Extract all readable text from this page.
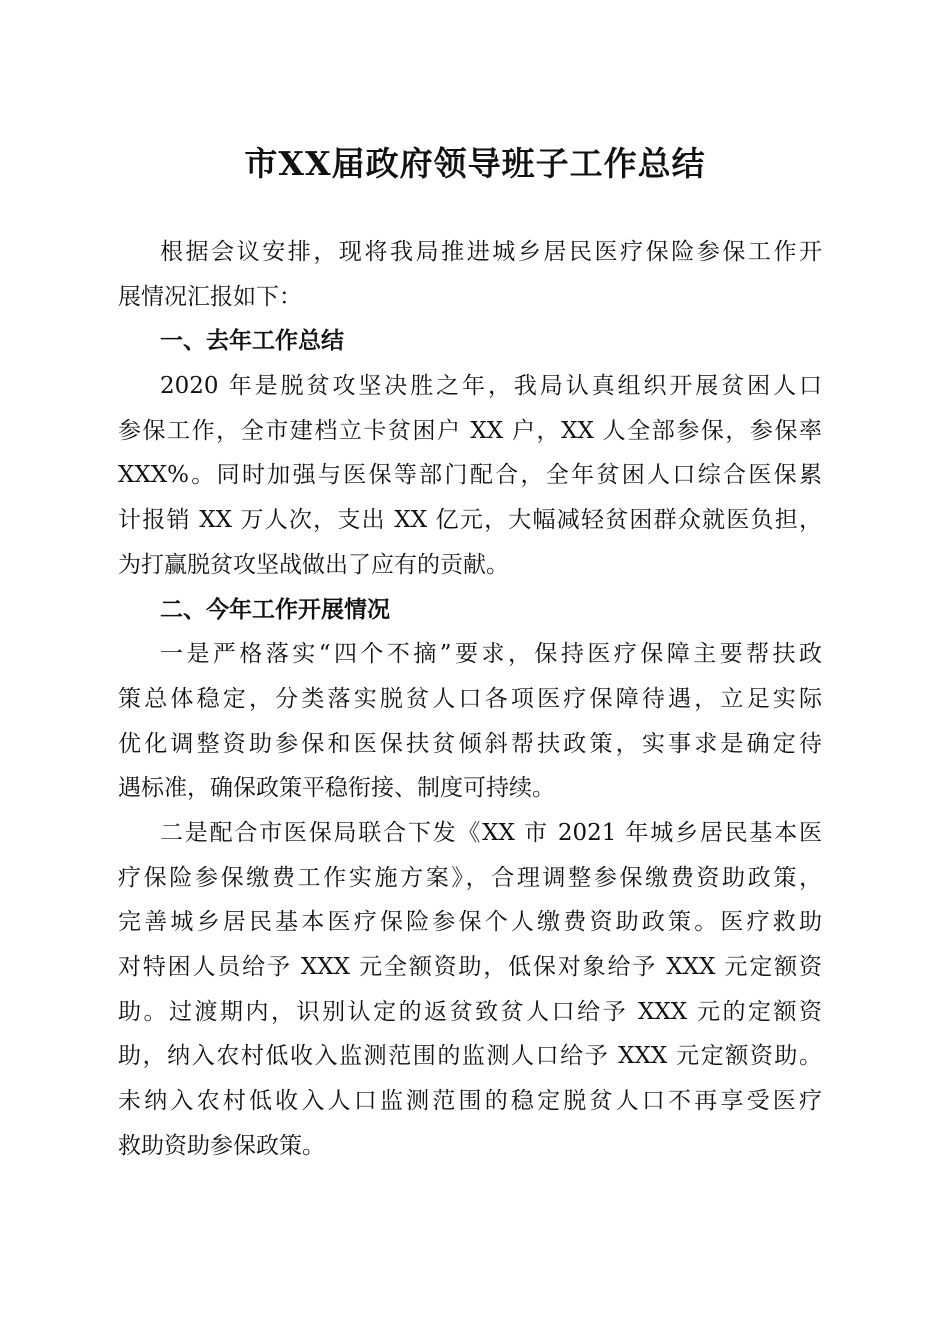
市XX届政府领导班子工作总结
根据会议安排，现将我局推进城乡居民医疗保险参保工作开
展情况汇报如下：
一、去年工作总结
2020 年是脱贫攻坚决胜之年，我局认真组织开展贫困人口
参保工作，全市建档立卡贫困户 XX 户，XX 人全部参保，参保率
XXX%。同时加强与医保等部门配合，全年贫困人口综合医保累
计报销 XX 万人次，支出 XX 亿元，大幅减轻贫困群众就医负担，
为打赢脱贫攻坚战做出了应有的贡献。
二、今年工作开展情况
一是严格落实“四个不摘”要求，保持医疗保障主要帮扶政
策总体稳定，分类落实脱贫人口各项医疗保障待遇，立足实际
优化调整资助参保和医保扶贫倾斜帮扶政策，实事求是确定待
遇标准，确保政策平稳衔接、制度可持续。
二是配合市医保局联合下发《XX 市 2021 年城乡居民基本医
疗保险参保缴费工作实施方案》，合理调整参保缴费资助政策，
完善城乡居民基本医疗保险参保个人缴费资助政策。医疗救助
对特困人员给予 XXX 元全额资助，低保对象给予 XXX 元定额资
助。过渡期内，识别认定的返贫致贫人口给予 XXX 元的定额资
助，纳入农村低收入监测范围的监测人口给予 XXX 元定额资助。
未纳入农村低收入人口监测范围的稳定脱贫人口不再享受医疗
救助资助参保政策。
